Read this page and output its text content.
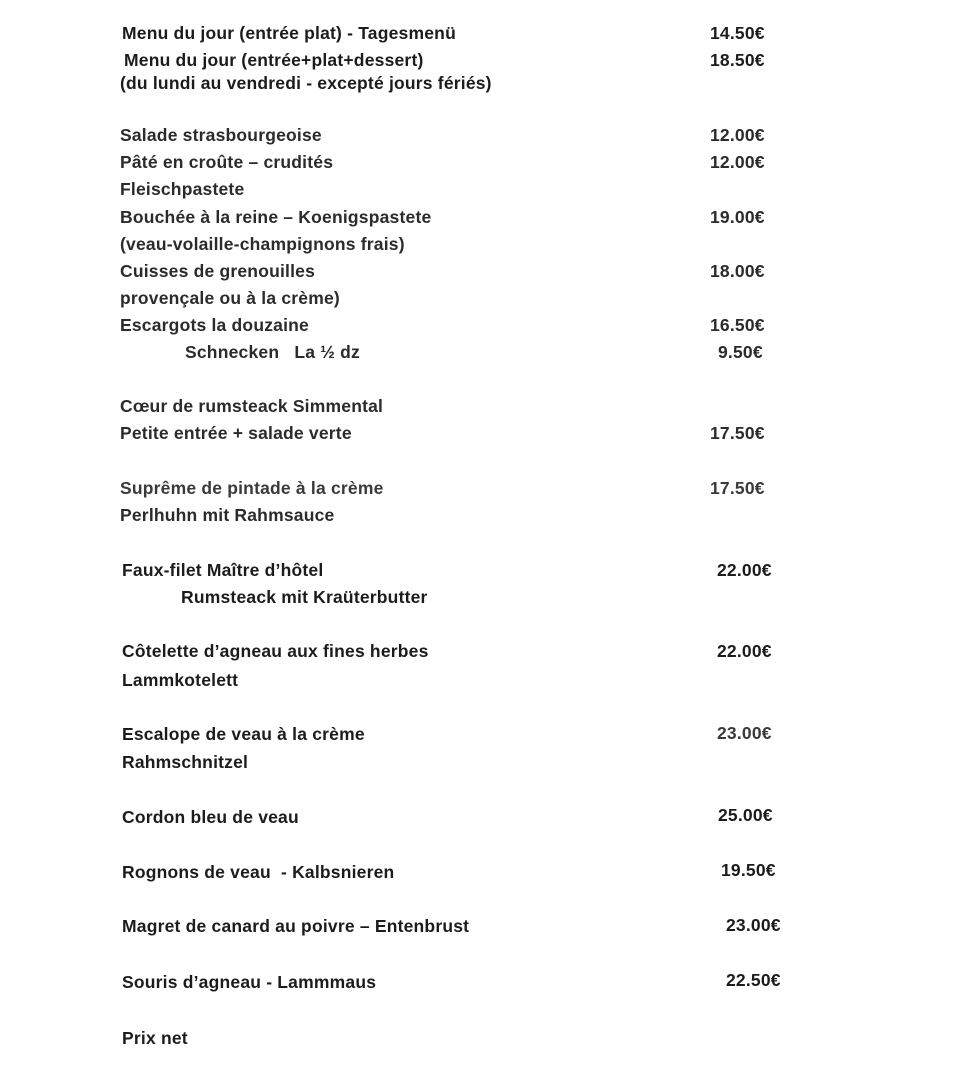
Menu du jour (entrée plat) - Tagesmenü	14.50€
Menu du jour (entrée+plat+dessert)	18.50€
(du lundi au vendredi - excepté jours fériés)
Salade strasbourgeoise	12.00€
Pâté en croûte – crudités	12.00€
Fleischpastete
Bouchée à la reine – Koenigspastete	19.00€
(veau-volaille-champignons frais)
Cuisses de grenouilles	18.00€
provençale ou à la crème)
Escargots la douzaine	16.50€
Schnecken   La ½ dz	9.50€
Cœur de rumsteack Simmental
Petite entrée + salade verte	17.50€
Suprême de pintade à la crème	17.50€
Perlhuhn mit Rahmsauce
Faux-filet Maître d’hôtel	22.00€
Rumsteack mit Kraüterbutter
Côtelette d’agneau aux fines herbes	22.00€
Lammkotelett
Escalope de veau à la crème	23.00€
Rahmschnitzel
Cordon bleu de veau	25.00€
Rognons de veau  - Kalbsnieren	19.50€
Magret de canard au poivre – Entenbrust	23.00€
Souris d’agneau - Lammmaus	22.50€
Prix net
